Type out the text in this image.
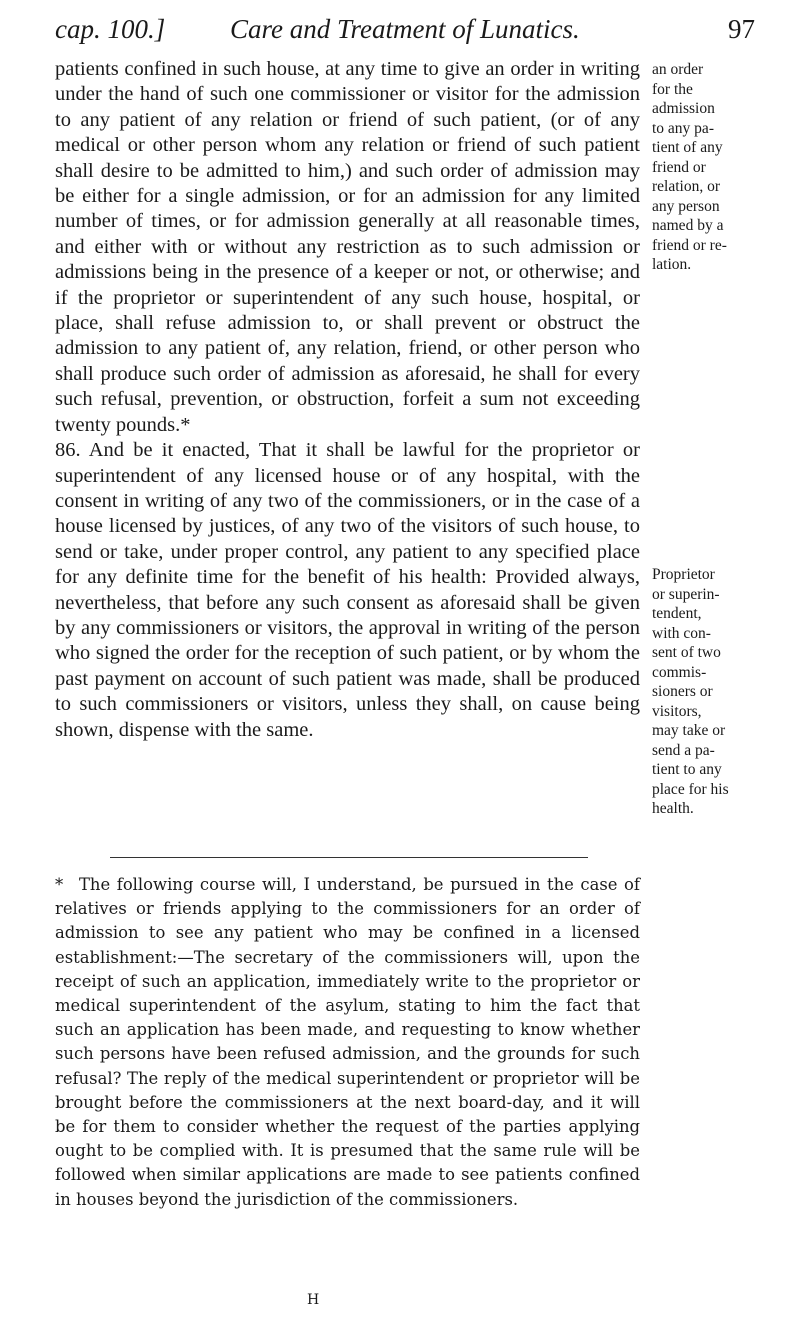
cap. 100.] Care and Treatment of Lunatics.	97

patients confined in such house, at any time to give an order in writing under the hand of such one commissioner or visitor for the admission to any patient of any relation or friend of such patient, (or of any medical or other person whom any relation or friend of such patient shall desire to be admitted to him,) and such order of admission may be either for a single admission, or for an admission for any limited number of times, or for admission generally at all reasonable times, and either with or without any restriction as to such admission or admissions being in the presence of a keeper or not, or otherwise; and if the proprietor or superintendent of any such house, hospital, or place, shall refuse admission to, or shall prevent or obstruct the admission to any patient of, any relation, friend, or other person who shall produce such order of admission as aforesaid, he shall for every such refusal, prevention, or obstruction, forfeit a sum not exceeding twenty pounds.*

86. And be it enacted, That it shall be lawful for the proprietor or superintendent of any licensed house or of any hospital, with the consent in writing of any two of the commissioners, or in the case of a house licensed by justices, of any two of the visitors of such house, to send or take, under proper control, any patient to any specified place for any definite time for the benefit of his health: Provided always, nevertheless, that before any such consent as aforesaid shall be given by any commissioners or visitors, the approval in writing of the person who signed the order for the reception of such patient, or by whom the past payment on account of such patient was made, shall be produced to such commissioners or visitors, unless they shall, on cause being shown, dispense with the same.

an order
for the
admission
to any pa-
tient of any
friend or
relation, or
any person
named by a
friend or re-
lation.
Proprietor
or superin-
tendent,
with con-
sent of two
commis-
sioners or
visitors,
may take or
send a pa-
tient to any
place for his
health.

* The following course will, I understand, be pursued in the case of relatives or friends applying to the commissioners for an order of admission to see any patient who may be confined in a licensed establishment:—The secretary of the commissioners will, upon the receipt of such an application, immediately write to the proprietor or medical superintendent of the asylum, stating to him the fact that such an application has been made, and requesting to know whether such persons have been refused admission, and the grounds for such refusal? The reply of the medical superintendent or proprietor will be brought before the commissioners at the next board-day, and it will be for them to consider whether the request of the parties applying ought to be complied with. It is presumed that the same rule will be followed when similar applications are made to see patients confined in houses beyond the jurisdiction of the commissioners.

H
